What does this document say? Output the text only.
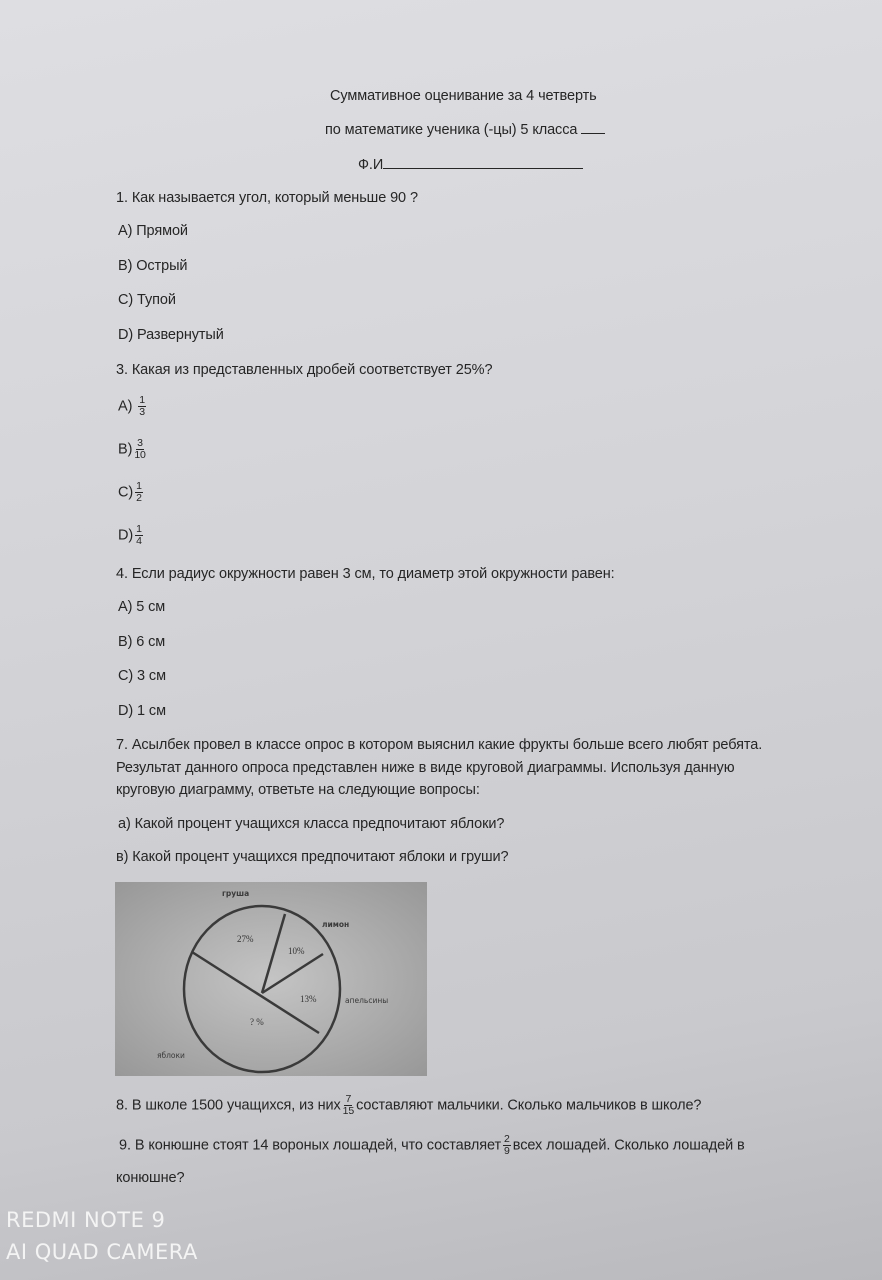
Суммативное оценивание за 4 четверть
по математике ученика (-цы) 5 класса
Ф.И
1. Как называется угол, который меньше 90 ?
A) Прямой
B) Острый
C) Тупой
D) Развернутый
3. Какая из представленных дробей соответствует 25%?
$A) \frac{1}{3}$
$B) \frac{3}{10}$
$C) \frac{1}{2}$
$D) \frac{1}{4}$
4. Если радиус окружности равен 3 см, то диаметр этой окружности равен:
A) 5 см
B) 6 см
C) 3 см
D) 1 см
7. Асылбек провел в классе опрос в котором выяснил какие фрукты больше всего любят ребята.
Результат данного опроса представлен ниже в виде круговой диаграммы. Используя данную
круговую диаграмму, ответьте на следующие вопросы:
а) Какой процент учащихся класса предпочитают яблоки?
в) Какой процент учащихся предпочитают яблоки и груши?
27%
10%
13%
? %
груша
лимон
апельсины
яблоки
8. В школе 1500 учащихся, из них $\frac{7}{15}$ составляют мальчики. Сколько мальчиков в школе?
9. В конюшне стоят 14 вороных лошадей, что составляет $\frac{2}{9}$ всех лошадей. Сколько лошадей в
конюшне?
REDMI NOTE 9
AI QUAD CAMERA
